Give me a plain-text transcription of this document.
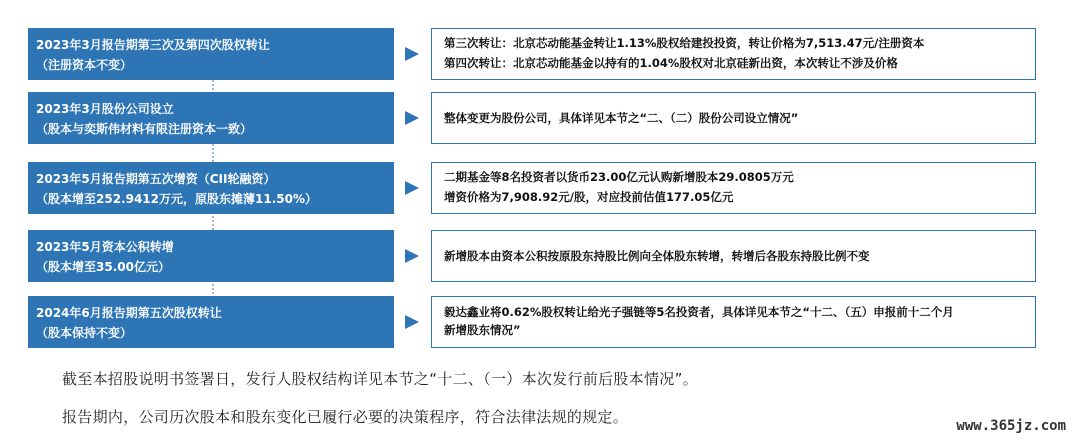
2023年3月报告期第三次及第四次股权转让
（注册资本不变）
第三次转让：北京芯动能基金转让1.13%股权给建投投资，转让价格为7,513.47元/注册资本
第四次转让：北京芯动能基金以持有的1.04%股权对北京硅新出资，本次转让不涉及价格
2023年3月股份公司设立
（股本与奕斯伟材料有限注册资本一致）
整体变更为股份公司，具体详见本节之“二、（二）股份公司设立情况”
2023年5月报告期第五次增资（CII轮融资）
（股本增至252.9412万元，原股东摊薄11.50%）
二期基金等8名投资者以货币23.00亿元认购新增股本29.0805万元
增资价格为7,908.92元/股，对应投前估值177.05亿元
2023年5月资本公积转增
（股本增至35.00亿元）
新增股本由资本公积按原股东持股比例向全体股东转增，转增后各股东持股比例不变
2024年6月报告期第五次股权转让
（股本保持不变）
毅达鑫业将0.62%股权转让给光子强链等5名投资者，具体详见本节之“十二、（五）申报前十二个月
新增股东情况”
截至本招股说明书签署日，发行人股权结构详见本节之“十二、（一）本次发行前后股本情况”。
报告期内，公司历次股本和股东变化已履行必要的决策程序，符合法律法规的规定。	www.365jz.com
